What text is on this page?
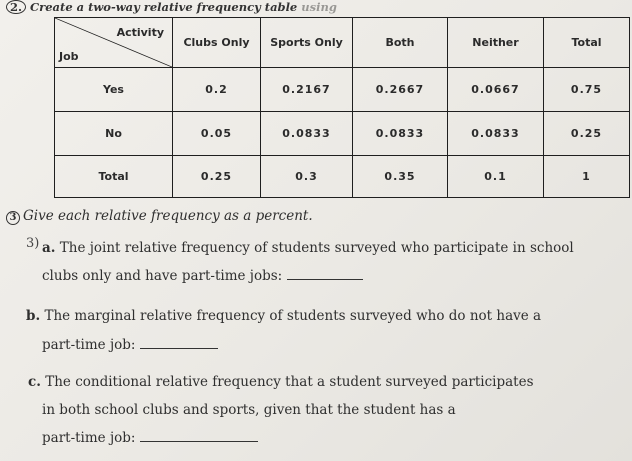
2. Create a two-way relative frequency table using
Activity
Job	Clubs Only	Sports Only	Both	Neither	Total
Yes	0.2	0.2167	0.2667	0.0667	0.75
No	0.05	0.0833	0.0833	0.0833	0.25
Total	0.25	0.3	0.35	0.1	1
3 Give each relative frequency as a percent.
3) a. The joint relative frequency of students surveyed who participate in school
clubs only and have part-time jobs:
b. The marginal relative frequency of students surveyed who do not have a
part-time job:
c. The conditional relative frequency that a student surveyed participates
in both school clubs and sports, given that the student has a
part-time job:
